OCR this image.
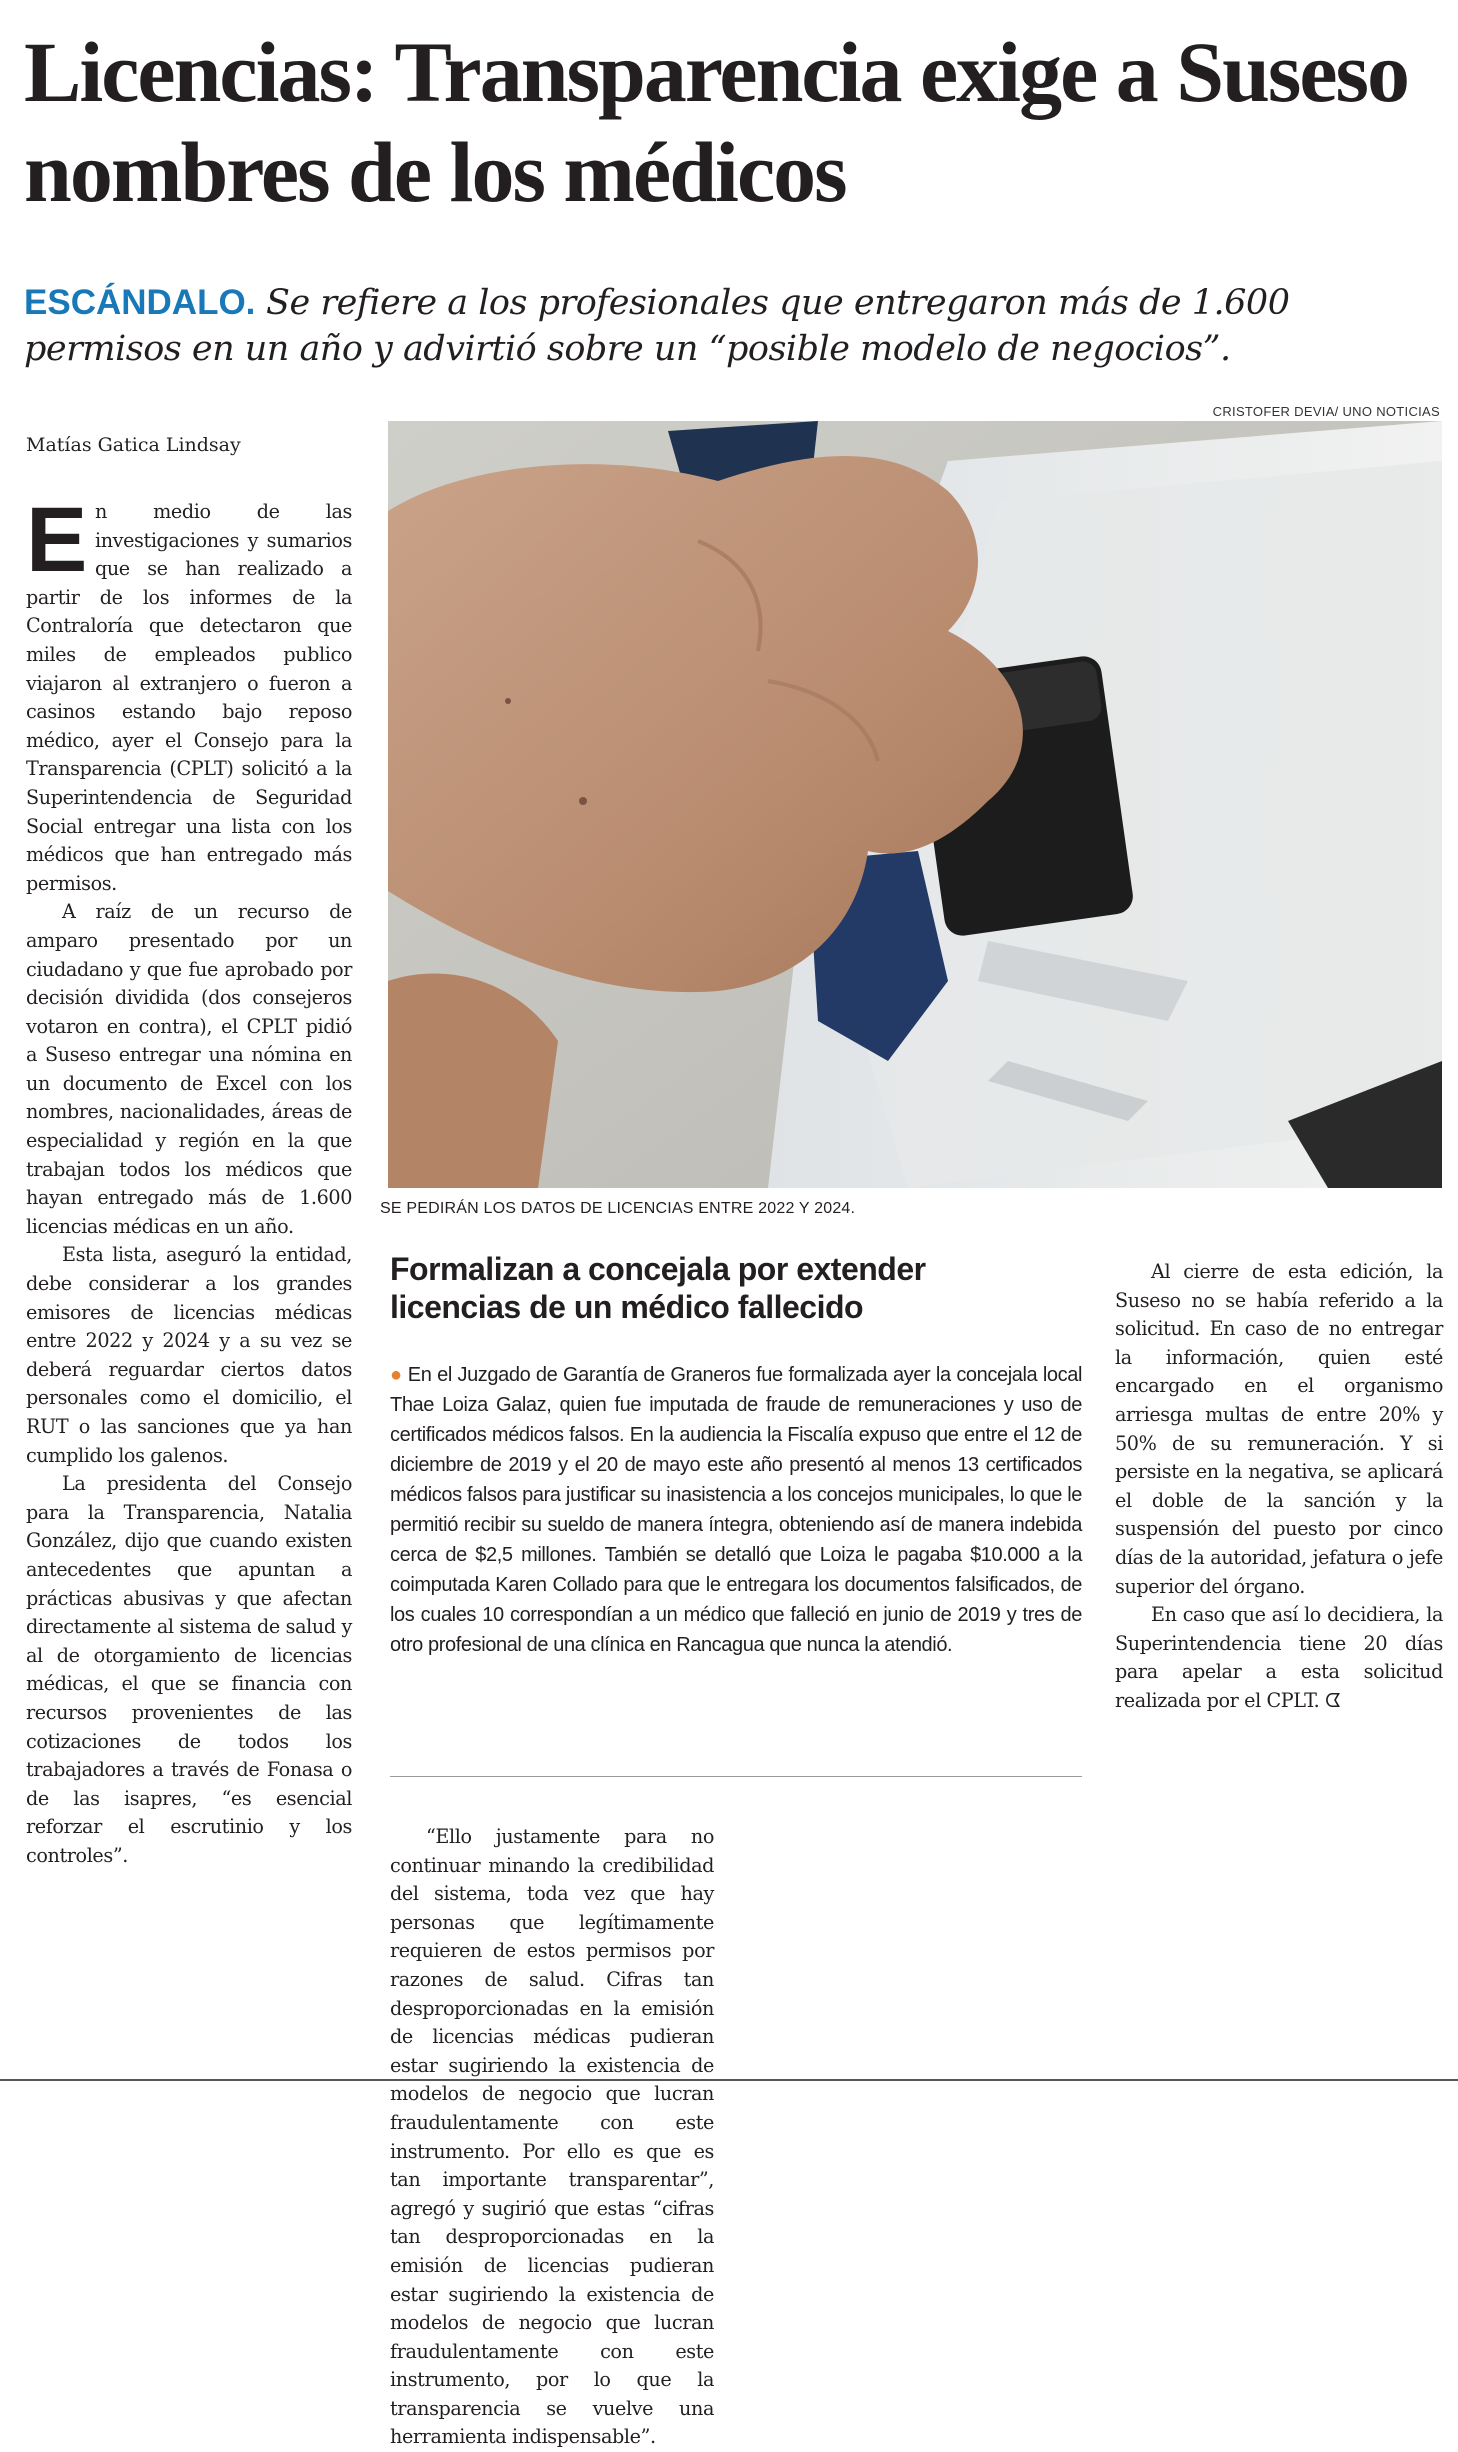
Licencias: Transparencia exige a Suseso nombres de los médicos
ESCÁNDALO. Se refiere a los profesionales que entregaron más de 1.600 permisos en un año y advirtió sobre un “posible modelo de negocios”.
CRISTOFER DEVIA/ UNO NOTICIAS
Matías Gatica Lindsay
SE PEDIRÁN LOS DATOS DE LICENCIAS ENTRE 2022 Y 2024.

En medio de las investigaciones y sumarios que se han realizado a partir de los informes de la Contraloría que detectaron que miles de empleados publico viajaron al extranjero o fueron a casinos estando bajo reposo médico, ayer el Consejo para la Transparencia (CPLT) solicitó a la Superintendencia de Seguridad Social entregar una lista con los médicos que han entregado más permisos.

A raíz de un recurso de amparo presentado por un ciudadano y que fue aprobado por decisión dividida (dos consejeros votaron en contra), el CPLT pidió a Suseso entregar una nómina en un documento de Excel con los nombres, nacionalidades, áreas de especialidad y región en la que trabajan todos los médicos que hayan entregado más de 1.600 licencias médicas en un año.

Esta lista, aseguró la entidad, debe considerar a los grandes emisores de licencias médicas entre 2022 y 2024 y a su vez se deberá reguardar ciertos datos personales como el domicilio, el RUT o las sanciones que ya han cumplido los galenos.

La presidenta del Consejo para la Transparencia, Natalia González, dijo que cuando existen antecedentes que apuntan a prácticas abusivas y que afectan directamente al sistema de salud y al de otorgamiento de licencias médicas, el que se financia con recursos provenientes de las cotizaciones de todos los trabajadores a través de Fonasa o de las isapres, “es esencial reforzar el escrutinio y los controles”.

Formalizan a concejala por extender licencias de un médico fallecido
● En el Juzgado de Garantía de Graneros fue formalizada ayer la concejala local Thae Loiza Galaz, quien fue imputada de fraude de remuneraciones y uso de certificados médicos falsos. En la audiencia la Fiscalía expuso que entre el 12 de diciembre de 2019 y el 20 de mayo este año presentó al menos 13 certificados médicos falsos para justificar su inasistencia a los concejos municipales, lo que le permitió recibir su sueldo de manera íntegra, obteniendo así de manera indebida cerca de $2,5 millones. También se detalló que Loiza le pagaba $10.000 a la coimputada Karen Collado para que le entregara los documentos falsificados, de los cuales 10 correspondían a un médico que falleció en junio de 2019 y tres de otro profesional de una clínica en Rancagua que nunca la atendió.

“Ello justamente para no continuar minando la credibilidad del sistema, toda vez que hay personas que legítimamente requieren de estos permisos por razones de salud. Cifras tan desproporcionadas en la emisión de licencias médicas pudieran estar sugiriendo la existencia de modelos de negocio que lucran fraudulentamente con este instrumento. Por ello es que es tan importante transparentar”, agregó y sugirió que estas “cifras tan desproporcionadas en la emisión de licencias pudieran estar sugiriendo la existencia de modelos de negocio que lucran fraudulentamente con este instrumento, por lo que la transparencia se vuelve una herramienta indispensable”.

Al cierre de esta edición, la Suseso no se había referido a la solicitud. En caso de no entregar la información, quien esté encargado en el organismo arriesga multas de entre 20% y 50% de su remuneración. Y si persiste en la negativa, se aplicará el doble de la sanción y la suspensión del puesto por cinco días de la autoridad, jefatura o jefe superior del órgano.

En caso que así lo decidiera, la Superintendencia tiene 20 días para apelar a esta solicitud realizada por el CPLT. ᗧ
